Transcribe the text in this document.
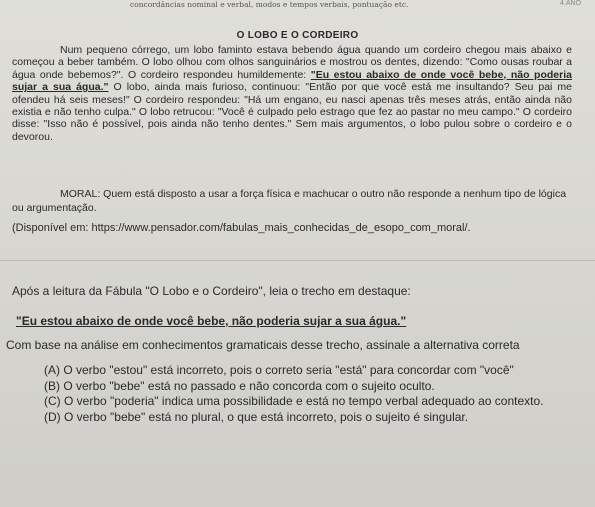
concordâncias nominal e verbal, modos e tempos verbais, pontuação etc.	4.ANO
O LOBO E O CORDEIRO

Num pequeno córrego, um lobo faminto estava bebendo água quando um cordeiro chegou mais abaixo e começou a beber também. O lobo olhou com olhos sanguinários e mostrou os dentes, dizendo: "Como ousas roubar a água onde bebemos?". O cordeiro respondeu humildemente: "Eu estou abaixo de onde você bebe, não poderia sujar a sua água." O lobo, ainda mais furioso, continuou: "Então por que você está me insultando? Seu pai me ofendeu há seis meses!" O cordeiro respondeu: "Há um engano, eu nasci apenas três meses atrás, então ainda não existia e não tenho culpa." O lobo retrucou: "Você é culpado pelo estrago que fez ao pastar no meu campo." O cordeiro disse: "Isso não é possível, pois ainda não tenho dentes." Sem mais argumentos, o lobo pulou sobre o cordeiro e o devorou.

MORAL: Quem está disposto a usar a força física e machucar o outro não responde a nenhum tipo de lógica ou argumentação.

(Disponível em: https://www.pensador.com/fabulas_mais_conhecidas_de_esopo_com_moral/.
Após a leitura da Fábula "O Lobo e o Cordeiro", leia o trecho em destaque:
"Eu estou abaixo de onde você bebe, não poderia sujar a sua água."
Com base na análise em conhecimentos gramaticais desse trecho, assinale a alternativa correta
(A) O verbo "estou" está incorreto, pois o correto seria "está" para concordar com "você"
(B) O verbo "bebe" está no passado e não concorda com o sujeito oculto.
(C) O verbo "poderia" indica uma possibilidade e está no tempo verbal adequado ao contexto.
(D) O verbo "bebe" está no plural, o que está incorreto, pois o sujeito é singular.
